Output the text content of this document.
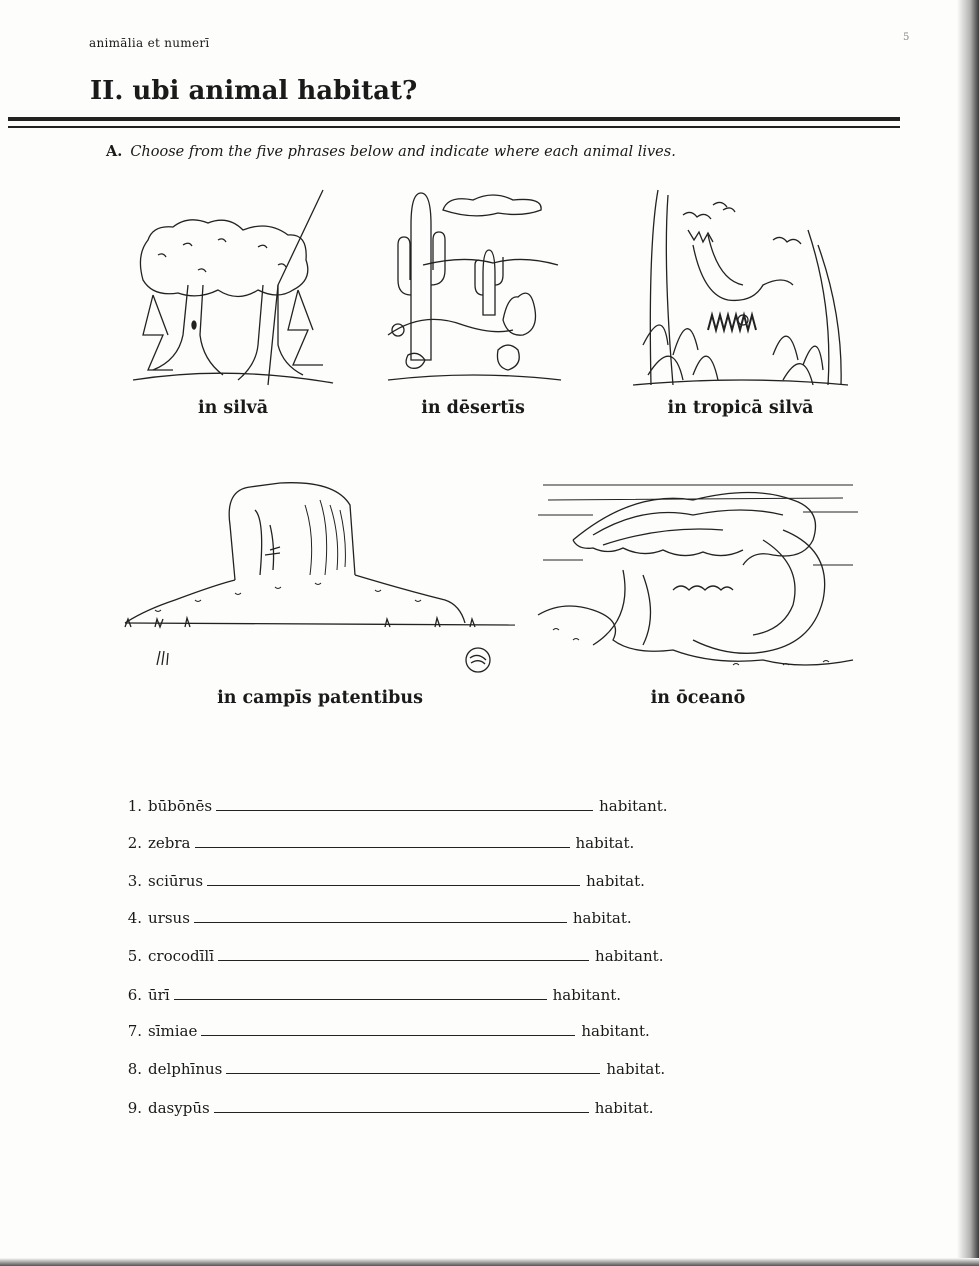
animālia et numerī	5
II. ubi animal habitat?
A. Choose from the five phrases below and indicate where each animal lives.
in silvā	in dēsertīs	in tropicā silvā
in campīs patentibus	in ōceanō
1. būbōnēs	habitant.
2. zebra	habitat.
3. sciūrus	habitat.
4. ursus	habitat.
5. crocodīlī	habitant.
6. ūrī	habitant.
7. sīmiae	habitant.
8. delphīnus	habitat.
9. dasypūs	habitat.
